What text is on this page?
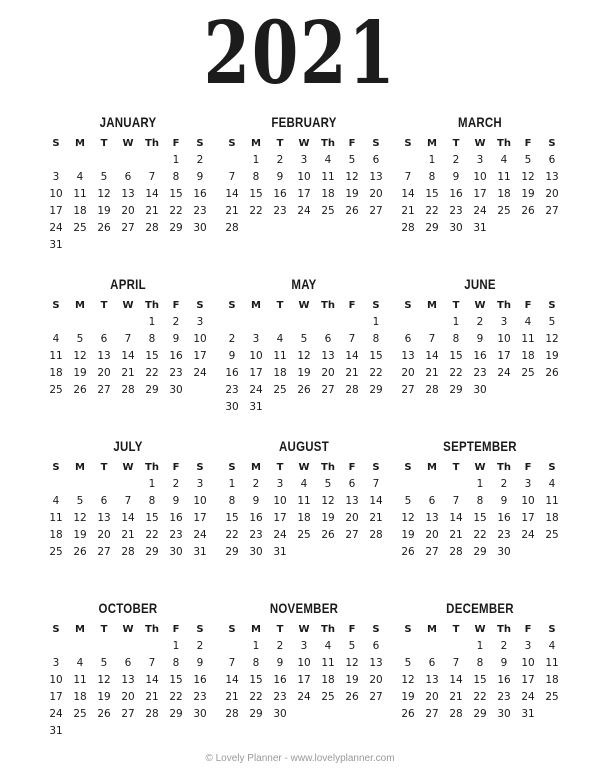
2021
JANUARY
S	M	T	W	Th	F	S
					1	2
3	4	5	6	7	8	9
10	11	12	13	14	15	16
17	18	19	20	21	22	23
24	25	26	27	28	29	30
31						
FEBRUARY
S	M	T	W	Th	F	S
	1	2	3	4	5	6
7	8	9	10	11	12	13
14	15	16	17	18	19	20
21	22	23	24	25	26	27
28						
MARCH
S	M	T	W	Th	F	S
	1	2	3	4	5	6
7	8	9	10	11	12	13
14	15	16	17	18	19	20
21	22	23	24	25	26	27
28	29	30	31			
APRIL
S	M	T	W	Th	F	S
				1	2	3
4	5	6	7	8	9	10
11	12	13	14	15	16	17
18	19	20	21	22	23	24
25	26	27	28	29	30	
MAY
S	M	T	W	Th	F	S
						1
2	3	4	5	6	7	8
9	10	11	12	13	14	15
16	17	18	19	20	21	22
23	24	25	26	27	28	29
30	31					
JUNE
S	M	T	W	Th	F	S
		1	2	3	4	5
6	7	8	9	10	11	12
13	14	15	16	17	18	19
20	21	22	23	24	25	26
27	28	29	30			
JULY
S	M	T	W	Th	F	S
				1	2	3
4	5	6	7	8	9	10
11	12	13	14	15	16	17
18	19	20	21	22	23	24
25	26	27	28	29	30	31
AUGUST
S	M	T	W	Th	F	S
1	2	3	4	5	6	7
8	9	10	11	12	13	14
15	16	17	18	19	20	21
22	23	24	25	26	27	28
29	30	31				
SEPTEMBER
S	M	T	W	Th	F	S
			1	2	3	4
5	6	7	8	9	10	11
12	13	14	15	16	17	18
19	20	21	22	23	24	25
26	27	28	29	30		
OCTOBER
S	M	T	W	Th	F	S
					1	2
3	4	5	6	7	8	9
10	11	12	13	14	15	16
17	18	19	20	21	22	23
24	25	26	27	28	29	30
31						
NOVEMBER
S	M	T	W	Th	F	S
	1	2	3	4	5	6
7	8	9	10	11	12	13
14	15	16	17	18	19	20
21	22	23	24	25	26	27
28	29	30				
DECEMBER
S	M	T	W	Th	F	S
			1	2	3	4
5	6	7	8	9	10	11
12	13	14	15	16	17	18
19	20	21	22	23	24	25
26	27	28	29	30	31	
© Lovely Planner - www.lovelyplanner.com
